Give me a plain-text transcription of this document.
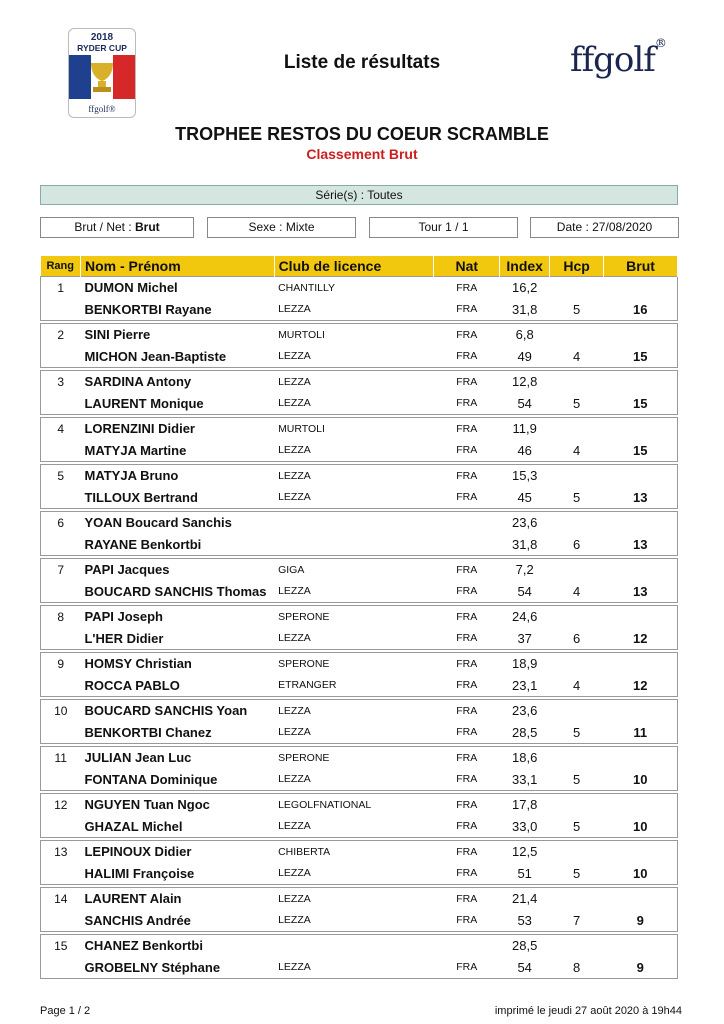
2018
RYDER CUP
ffgolf®
Liste de résultats	ffgolf®
TROPHEE RESTOS DU COEUR SCRAMBLE
Classement Brut
Série(s) : Toutes
Brut / Net : Brut	Sexe : Mixte	Tour 1 / 1	Date : 27/08/2020
Rang	Nom - Prénom	Club de licence	Nat	Index	Hcp	Brut
1	DUMON Michel	CHANTILLY	FRA	16,2		
	BENKORTBI Rayane	LEZZA	FRA	31,8	5	16

2	SINI Pierre	MURTOLI	FRA	6,8		
	MICHON Jean-Baptiste	LEZZA	FRA	49	4	15

3	SARDINA Antony	LEZZA	FRA	12,8		
	LAURENT Monique	LEZZA	FRA	54	5	15

4	LORENZINI Didier	MURTOLI	FRA	11,9		
	MATYJA Martine	LEZZA	FRA	46	4	15

5	MATYJA Bruno	LEZZA	FRA	15,3		
	TILLOUX Bertrand	LEZZA	FRA	45	5	13

6	YOAN Boucard Sanchis			23,6		
	RAYANE Benkortbi			31,8	6	13

7	PAPI Jacques	GIGA	FRA	7,2		
	BOUCARD SANCHIS Thomas	LEZZA	FRA	54	4	13

8	PAPI Joseph	SPERONE	FRA	24,6		
	L'HER Didier	LEZZA	FRA	37	6	12

9	HOMSY Christian	SPERONE	FRA	18,9		
	ROCCA PABLO	ETRANGER	FRA	23,1	4	12

10	BOUCARD SANCHIS Yoan	LEZZA	FRA	23,6		
	BENKORTBI Chanez	LEZZA	FRA	28,5	5	11

11	JULIAN Jean Luc	SPERONE	FRA	18,6		
	FONTANA Dominique	LEZZA	FRA	33,1	5	10

12	NGUYEN Tuan Ngoc	LEGOLFNATIONAL	FRA	17,8		
	GHAZAL Michel	LEZZA	FRA	33,0	5	10

13	LEPINOUX Didier	CHIBERTA	FRA	12,5		
	HALIMI Françoise	LEZZA	FRA	51	5	10

14	LAURENT Alain	LEZZA	FRA	21,4		
	SANCHIS Andrée	LEZZA	FRA	53	7	9

15	CHANEZ Benkortbi			28,5		
	GROBELNY Stéphane	LEZZA	FRA	54	8	9
Page 1 / 2	imprimé le jeudi 27 août 2020 à 19h44
